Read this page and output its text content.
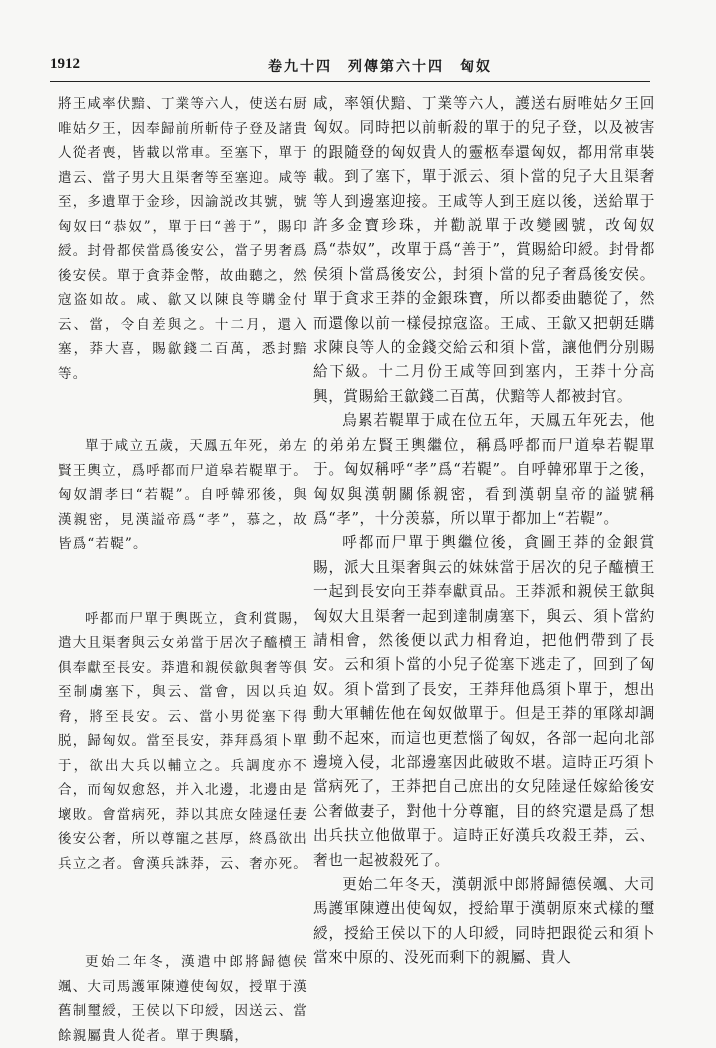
1912	卷九十四　列傳第六十四　匈奴

將王咸率伏黯、丁業等六人，使送右厨唯姑夕王，因奉歸前所斬侍子登及諸貴人從者喪，皆載以常車。至塞下，單于遣云、當子男大且渠奢等至塞迎。咸等至，多遺單于金珍，因諭説改其號，號匈奴曰“恭奴”，單于曰“善于”，賜印綬。封骨都侯當爲後安公，當子男奢爲後安侯。單于貪莽金幣，故曲聽之，然寇盗如故。咸、歙又以陳良等購金付云、當，令自差與之。十二月，還入塞，莽大喜，賜歙錢二百萬，悉封黯等。

單于咸立五歲，天鳳五年死，弟左賢王輿立，爲呼都而尸道皋若鞮單于。匈奴謂孝曰“若鞮”。自呼韓邪後，與漢親密，見漢謚帝爲“孝”，慕之，故皆爲“若鞮”。

呼都而尸單于輿既立，貪利賞賜，遣大且渠奢與云女弟當于居次子醯櫝王俱奉獻至長安。莽遣和親侯歙與奢等俱至制虜塞下，與云、當會，因以兵迫脅，將至長安。云、當小男從塞下得脱，歸匈奴。當至長安，莽拜爲須卜單于，欲出大兵以輔立之。兵調度亦不合，而匈奴愈怒，并入北邊，北邊由是壞敗。會當病死，莽以其庶女陸逯任妻後安公奢，所以尊寵之甚厚，終爲欲出兵立之者。會漢兵誅莽，云、奢亦死。

更始二年冬，漢遣中郎將歸德侯颯、大司馬護軍陳遵使匈奴，授單于漢舊制璽綬，王侯以下印綬，因送云、當餘親屬貴人從者。單于輿驕，

咸，率領伏黯、丁業等六人，護送右厨唯姑夕王回匈奴。同時把以前斬殺的單于的兒子登，以及被害的跟隨登的匈奴貴人的靈柩奉還匈奴，都用常車裝載。到了塞下，單于派云、須卜當的兒子大且渠奢等人到邊塞迎接。王咸等人到王庭以後，送給單于許多金寶珍珠，并勸説單于改變國號，改匈奴爲“恭奴”，改單于爲“善于”，賞賜給印綬。封骨都侯須卜當爲後安公，封須卜當的兒子奢爲後安侯。單于貪求王莽的金銀珠寶，所以都委曲聽從了，然而還像以前一樣侵掠寇盗。王咸、王歙又把朝廷購求陳良等人的金錢交給云和須卜當，讓他們分别賜給下級。十二月份王咸等回到塞内，王莽十分高興，賞賜給王歙錢二百萬，伏黯等人都被封官。

烏累若鞮單于咸在位五年，天鳳五年死去，他的弟弟左賢王輿繼位，稱爲呼都而尸道皋若鞮單于。匈奴稱呼“孝”爲“若鞮”。自呼韓邪單于之後，匈奴與漢朝關係親密，看到漢朝皇帝的謚號稱爲“孝”，十分羡慕，所以單于都加上“若鞮”。

呼都而尸單于輿繼位後，貪圖王莽的金銀賞賜，派大且渠奢與云的妹妹當于居次的兒子醯櫝王一起到長安向王莽奉獻貢品。王莽派和親侯王歙與匈奴大且渠奢一起到達制虜塞下，與云、須卜當約請相會，然後便以武力相脅迫，把他們帶到了長安。云和須卜當的小兒子從塞下逃走了，回到了匈奴。須卜當到了長安，王莽拜他爲須卜單于，想出動大軍輔佐他在匈奴做單于。但是王莽的軍隊却調動不起來，而這也更惹惱了匈奴，各部一起向北部邊境入侵，北部邊塞因此破敗不堪。這時正巧須卜當病死了，王莽把自己庶出的女兒陸逯任嫁給後安公奢做妻子，對他十分尊寵，目的終究還是爲了想出兵扶立他做單于。這時正好漢兵攻殺王莽，云、奢也一起被殺死了。

更始二年冬天，漢朝派中郎將歸德侯颯、大司馬護軍陳遵出使匈奴，授給單于漢朝原來式樣的璽綬，授給王侯以下的人印綬，同時把跟從云和須卜當來中原的、没死而剩下的親屬、貴人
